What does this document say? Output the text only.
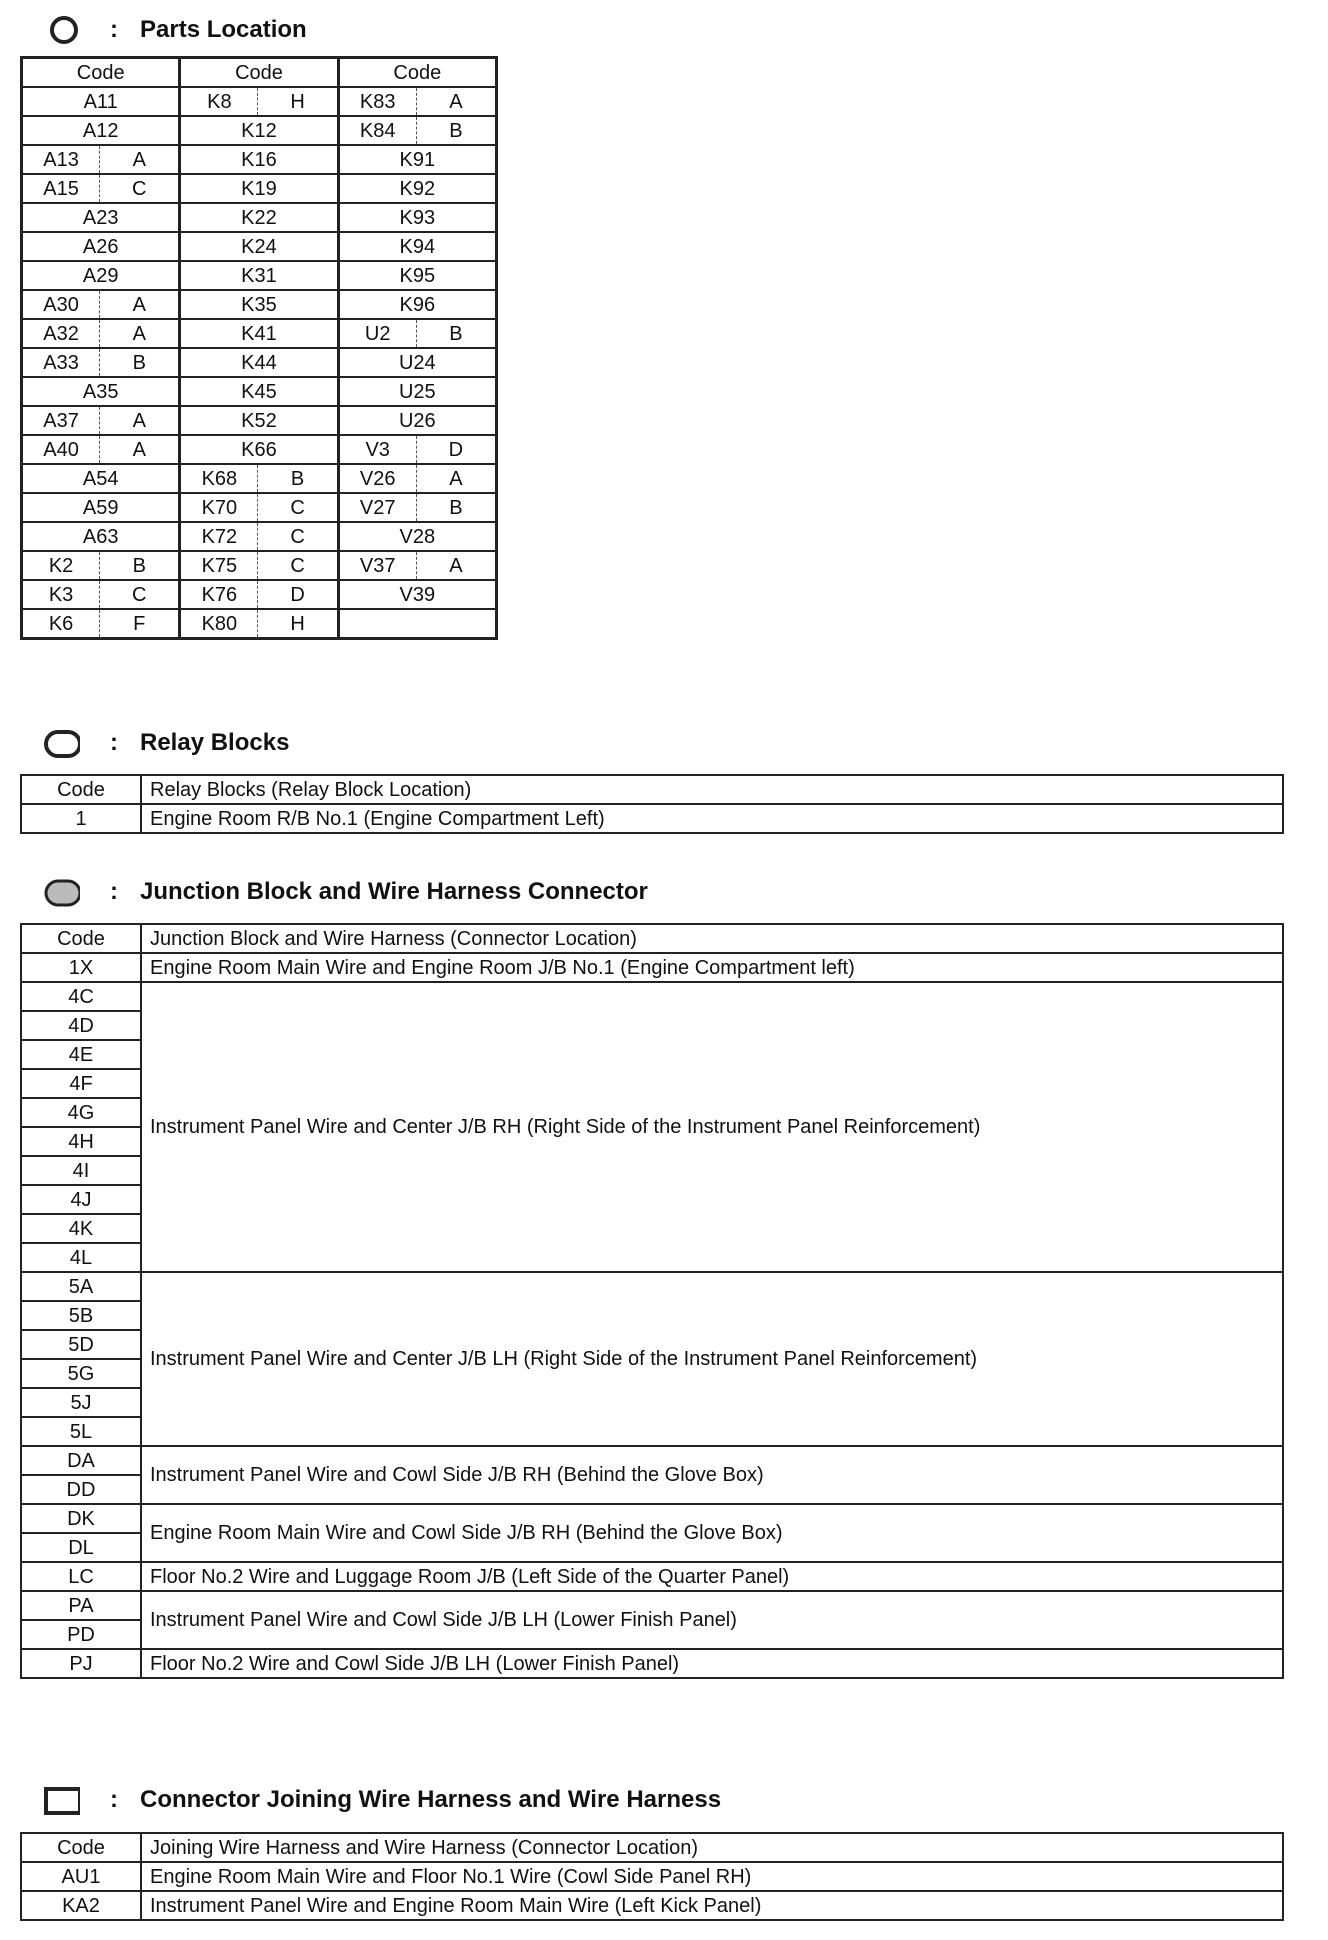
: Parts Location
Code		Code		Code	
A11		K8	H	K83	A
A12		K12		K84	B
A13	A	K16		K91	
A15	C	K19		K92	
A23		K22		K93	
A26		K24		K94	
A29		K31		K95	
A30	A	K35		K96	
A32	A	K41		U2	B
A33	B	K44		U24	
A35		K45		U25	
A37	A	K52		U26	
A40	A	K66		V3	D
A54		K68	B	V26	A
A59		K70	C	V27	B
A63		K72	C	V28	
K2	B	K75	C	V37	A
K3	C	K76	D	V39	
K6	F	K80	H		
: Relay Blocks
Code	Relay Blocks (Relay Block Location)
1	Engine Room R/B No.1 (Engine Compartment Left)
: Junction Block and Wire Harness Connector
Code	Junction Block and Wire Harness (Connector Location)
1X	Engine Room Main Wire and Engine Room J/B No.1 (Engine Compartment left)
4C	Instrument Panel Wire and Center J/B RH (Right Side of the Instrument Panel Reinforcement)
4D	
4E	
4F	
4G	
4H	
4I	
4J	
4K	
4L	
5A	Instrument Panel Wire and Center J/B LH (Right Side of the Instrument Panel Reinforcement)
5B	
5D	
5G	
5J	
5L	
DA	Instrument Panel Wire and Cowl Side J/B RH (Behind the Glove Box)
DD	
DK	Engine Room Main Wire and Cowl Side J/B RH (Behind the Glove Box)
DL	
LC	Floor No.2 Wire and Luggage Room J/B (Left Side of the Quarter Panel)
PA	Instrument Panel Wire and Cowl Side J/B LH (Lower Finish Panel)
PD	
PJ	Floor No.2 Wire and Cowl Side J/B LH (Lower Finish Panel)
: Connector Joining Wire Harness and Wire Harness
Code	Joining Wire Harness and Wire Harness (Connector Location)
AU1	Engine Room Main Wire and Floor No.1 Wire (Cowl Side Panel RH)
KA2	Instrument Panel Wire and Engine Room Main Wire (Left Kick Panel)
